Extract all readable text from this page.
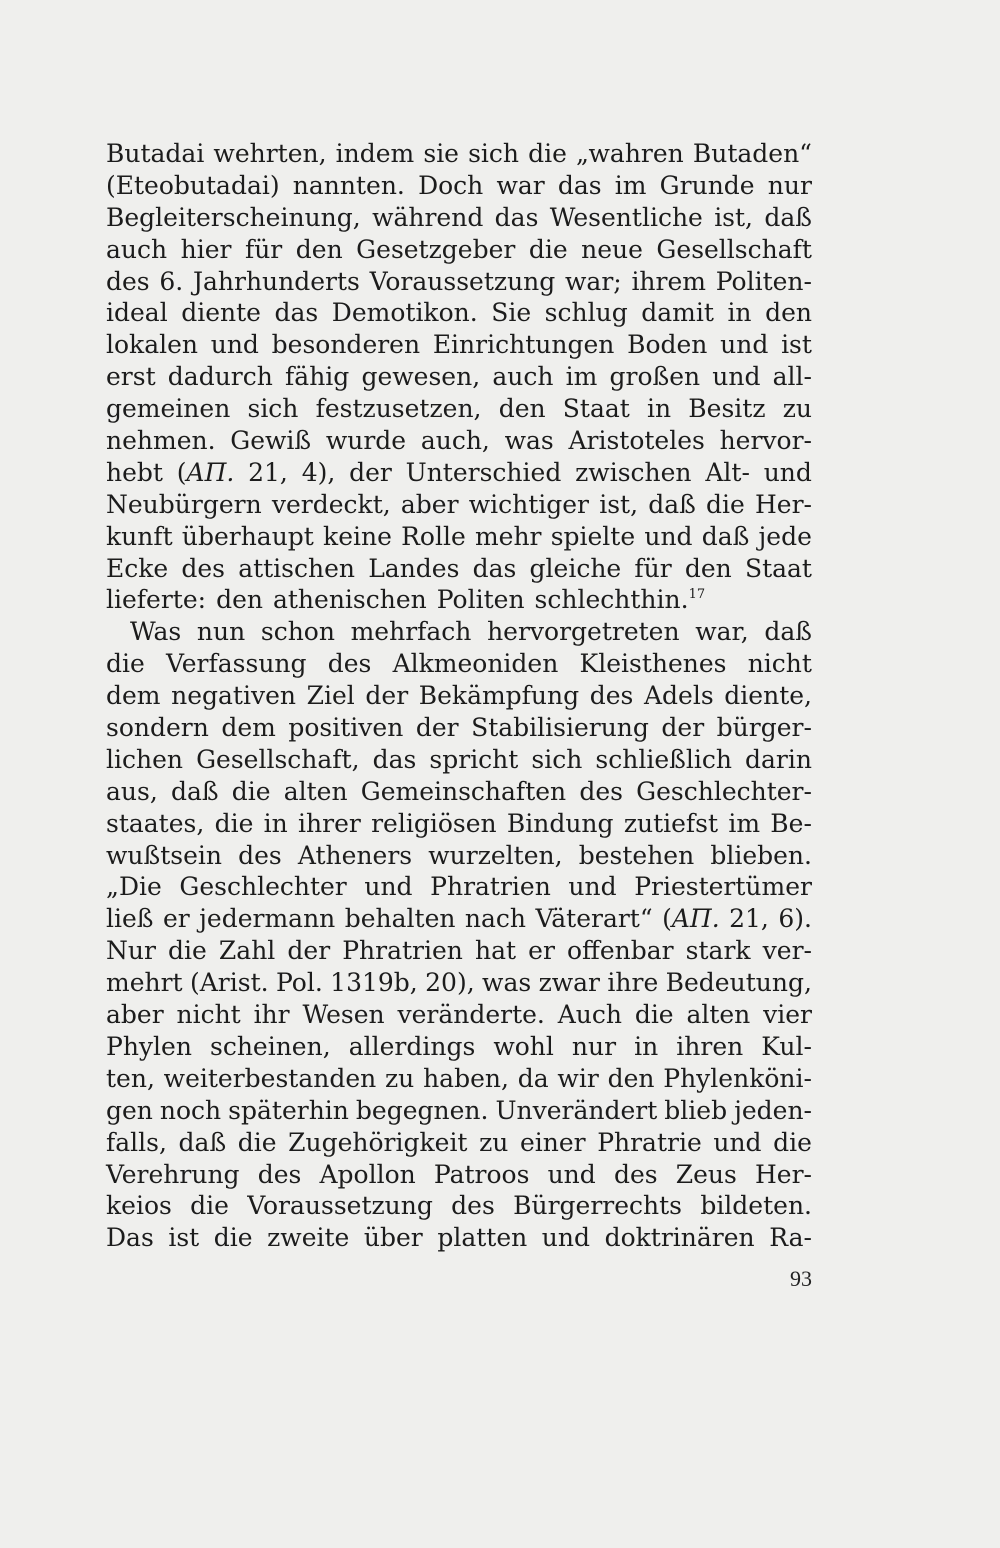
Butadai wehrten, indem sie sich die „wahren Butaden“
(Eteobutadai) nannten. Doch war das im Grunde nur
Begleiterscheinung, während das Wesentliche ist, daß
auch hier für den Gesetzgeber die neue Gesellschaft
des 6. Jahrhunderts Voraussetzung war; ihrem Politen-
ideal diente das Demotikon. Sie schlug damit in den
lokalen und besonderen Einrichtungen Boden und ist
erst dadurch fähig gewesen, auch im großen und all-
gemeinen sich festzusetzen, den Staat in Besitz zu
nehmen. Gewiß wurde auch, was Aristoteles hervor-
hebt (AΠ. 21, 4), der Unterschied zwischen Alt- und
Neubürgern verdeckt, aber wichtiger ist, daß die Her-
kunft überhaupt keine Rolle mehr spielte und daß jede
Ecke des attischen Landes das gleiche für den Staat
lieferte: den athenischen Politen schlechthin.$^{17}$
Was nun schon mehrfach hervorgetreten war, daß
die Verfassung des Alkmeoniden Kleisthenes nicht
dem negativen Ziel der Bekämpfung des Adels diente,
sondern dem positiven der Stabilisierung der bürger-
lichen Gesellschaft, das spricht sich schließlich darin
aus, daß die alten Gemeinschaften des Geschlechter-
staates, die in ihrer religiösen Bindung zutiefst im Be-
wußtsein des Atheners wurzelten, bestehen blieben.
„Die Geschlechter und Phratrien und Priestertümer
ließ er jedermann behalten nach Väterart“ (AΠ. 21, 6).
Nur die Zahl der Phratrien hat er offenbar stark ver-
mehrt (Arist. Pol. 1319b, 20), was zwar ihre Bedeutung,
aber nicht ihr Wesen veränderte. Auch die alten vier
Phylen scheinen, allerdings wohl nur in ihren Kul-
ten, weiterbestanden zu haben, da wir den Phylenköni-
gen noch späterhin begegnen. Unverändert blieb jeden-
falls, daß die Zugehörigkeit zu einer Phratrie und die
Verehrung des Apollon Patroos und des Zeus Her-
keios die Voraussetzung des Bürgerrechts bildeten.
Das ist die zweite über platten und doktrinären Ra-
93
